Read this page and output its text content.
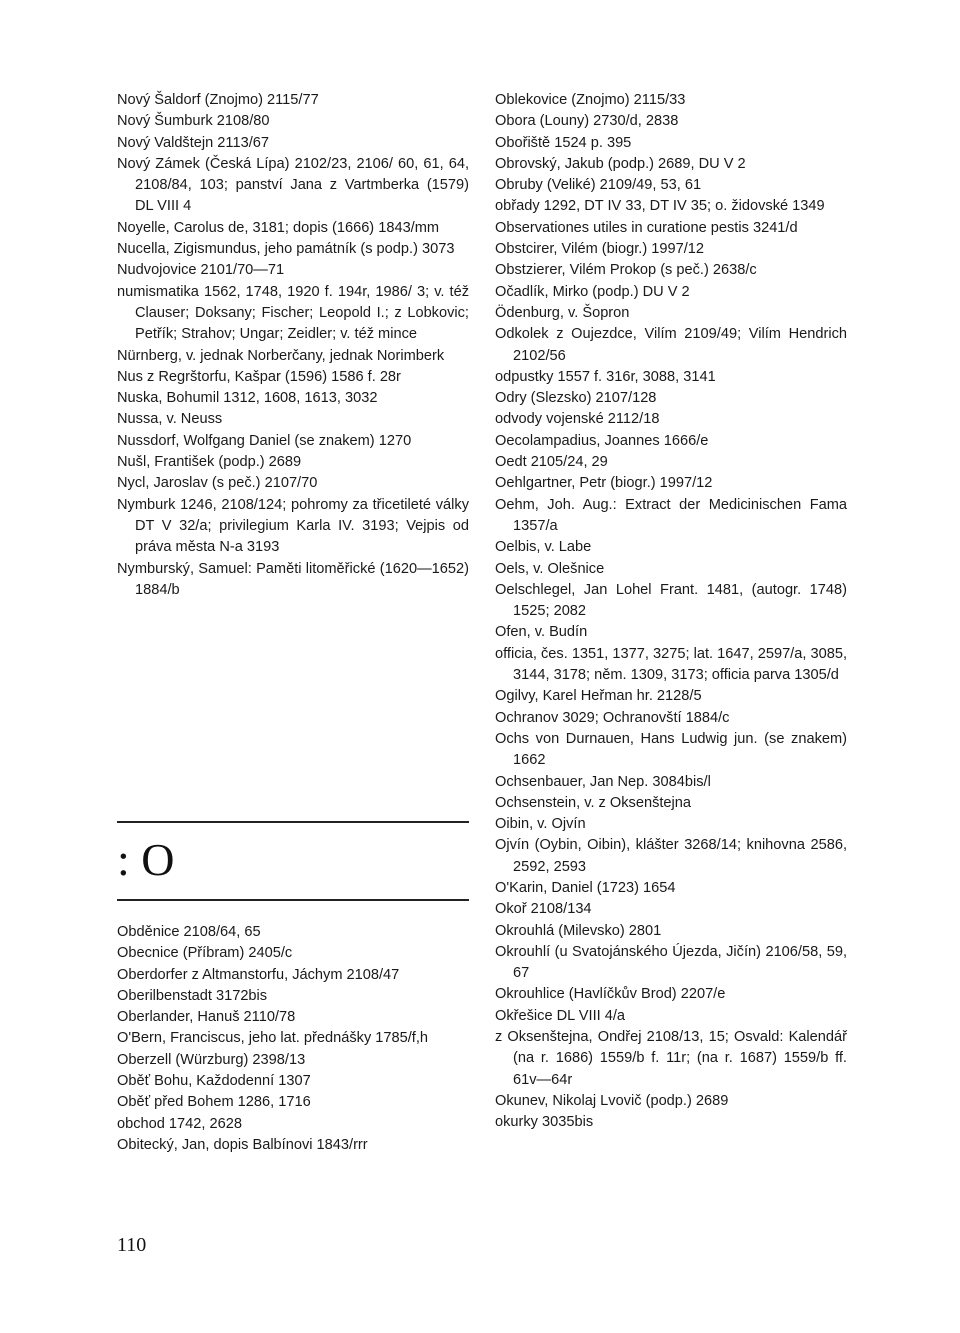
Nový Šaldorf (Znojmo) 2115/77
Nový Šumburk 2108/80
Nový Valdštejn 2113/67
Nový Zámek (Česká Lípa) 2102/23, 2106/ 60, 61, 64, 2108/84, 103; panství Jana z Vartmberka (1579) DL VIII 4
Noyelle, Carolus de, 3181; dopis (1666) 1843/mm
Nucella, Zigismundus, jeho památník (s podp.) 3073
Nudvojovice 2101/70—71
numismatika 1562, 1748, 1920 f. 194r, 1986/ 3; v. též Clauser; Doksany; Fischer; Leopold I.; z Lobkovic; Petřík; Strahov; Ungar; Zeidler; v. též mince
Nürnberg, v. jednak Norberčany, jednak Norimberk
Nus z Regrštorfu, Kašpar (1596) 1586 f. 28r
Nuska, Bohumil 1312, 1608, 1613, 3032
Nussa, v. Neuss
Nussdorf, Wolfgang Daniel (se znakem) 1270
Nušl, František (podp.) 2689
Nycl, Jaroslav (s peč.) 2107/70
Nymburk 1246, 2108/124; pohromy za třicetileté války DT V 32/a; privilegium Karla IV. 3193; Vejpis od práva města N-a 3193
Nymburský, Samuel: Paměti litoměřické (1620—1652) 1884/b
: O
Obděnice 2108/64, 65
Obecnice (Příbram) 2405/c
Oberdorfer z Altmanstorfu, Jáchym 2108/47
Oberilbenstadt 3172bis
Oberlander, Hanuš 2110/78
O'Bern, Franciscus, jeho lat. přednášky 1785/f,h
Oberzell (Würzburg) 2398/13
Oběť Bohu, Každodenní 1307
Oběť před Bohem 1286, 1716
obchod 1742, 2628
Obitecký, Jan, dopis Balbínovi 1843/rrr
Oblekovice (Znojmo) 2115/33
Obora (Louny) 2730/d, 2838
Obořiště 1524 p. 395
Obrovský, Jakub (podp.) 2689, DU V 2
Obruby (Veliké) 2109/49, 53, 61
obřady 1292, DT IV 33, DT IV 35; o. židovské 1349
Observationes utiles in curatione pestis 3241/d
Obstcirer, Vilém (biogr.) 1997/12
Obstzierer, Vilém Prokop (s peč.) 2638/c
Očadlík, Mirko (podp.) DU V 2
Ödenburg, v. Šopron
Odkolek z Oujezdce, Vilím 2109/49; Vilím Hendrich 2102/56
odpustky 1557 f. 316r, 3088, 3141
Odry (Slezsko) 2107/128
odvody vojenské 2112/18
Oecolampadius, Joannes 1666/e
Oedt 2105/24, 29
Oehlgartner, Petr (biogr.) 1997/12
Oehm, Joh. Aug.: Extract der Medicinischen Fama 1357/a
Oelbis, v. Labe
Oels, v. Olešnice
Oelschlegel, Jan Lohel Frant. 1481, (autogr. 1748) 1525; 2082
Ofen, v. Budín
officia, čes. 1351, 1377, 3275; lat. 1647, 2597/a, 3085, 3144, 3178; něm. 1309, 3173; officia parva 1305/d
Ogilvy, Karel Heřman hr. 2128/5
Ochranov 3029; Ochranovští 1884/c
Ochs von Durnauen, Hans Ludwig jun. (se znakem) 1662
Ochsenbauer, Jan Nep. 3084bis/l
Ochsenstein, v. z Oksenštejna
Oibin, v. Ojvín
Ojvín (Oybin, Oibin), klášter 3268/14; knihovna 2586, 2592, 2593
O'Karin, Daniel (1723) 1654
Okoř 2108/134
Okrouhlá (Milevsko) 2801
Okrouhlí (u Svatojánského Újezda, Jičín) 2106/58, 59, 67
Okrouhlice (Havlíčkův Brod) 2207/e
Okřešice DL VIII 4/a
z Oksenštejna, Ondřej 2108/13, 15; Osvald: Kalendář (na r. 1686) 1559/b f. 11r; (na r. 1687) 1559/b ff. 61v—64r
Okunev, Nikolaj Lvovič (podp.) 2689
okurky 3035bis
110
